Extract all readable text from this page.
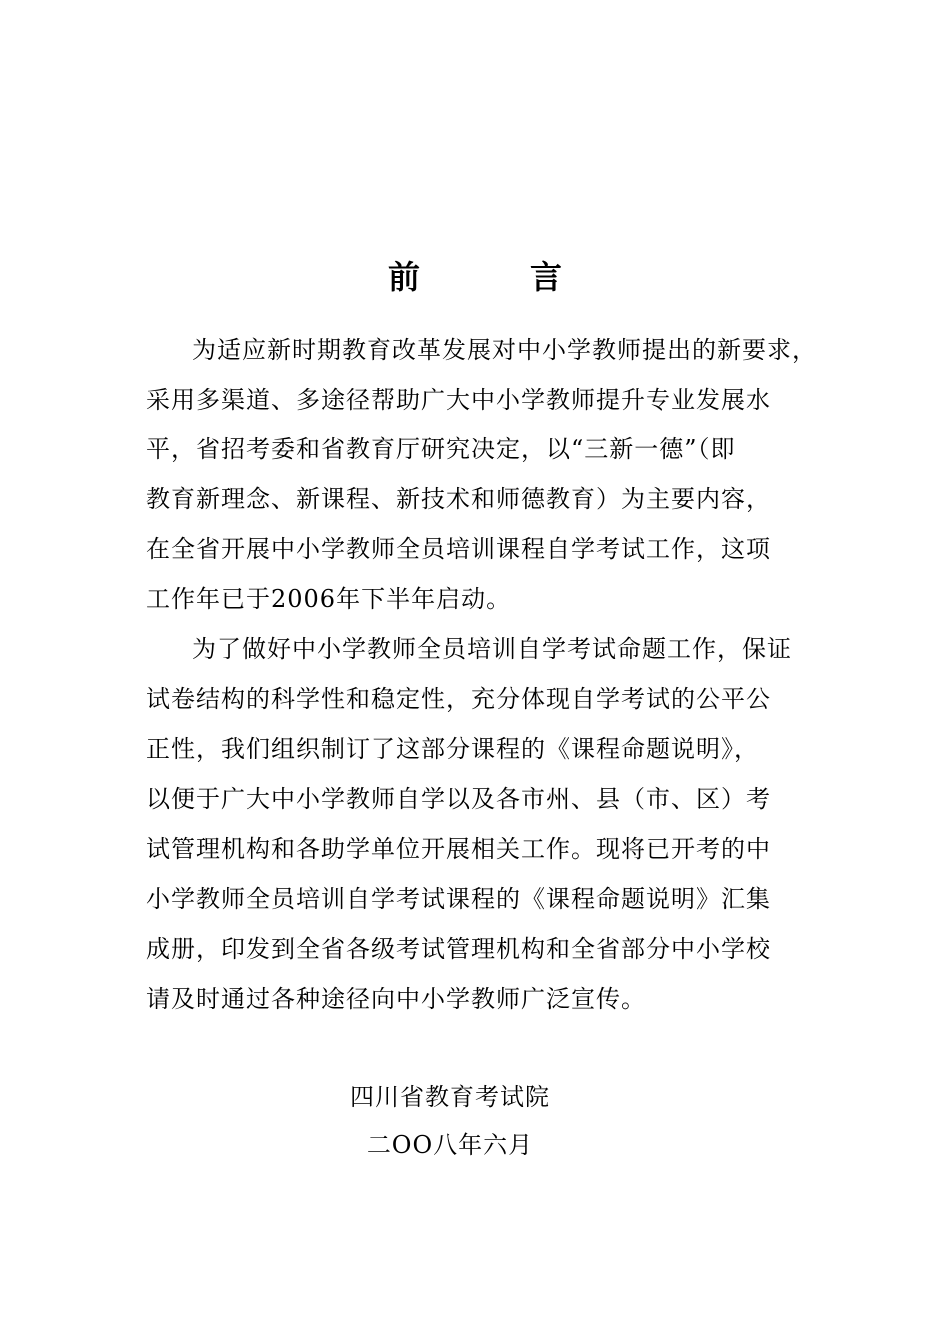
前	言
为适应新时期教育改革发展对中小学教师提出的新要求，
采用多渠道、多途径帮助广大中小学教师提升专业发展水
平，省招考委和省教育厅研究决定，以“三新一德”（即
教育新理念、新课程、新技术和师德教育）为主要内容，
在全省开展中小学教师全员培训课程自学考试工作，这项
工作年已于2006年下半年启动。
为了做好中小学教师全员培训自学考试命题工作，保证
试卷结构的科学性和稳定性，充分体现自学考试的公平公
正性，我们组织制订了这部分课程的《课程命题说明》，
以便于广大中小学教师自学以及各市州、县（市、区）考
试管理机构和各助学单位开展相关工作。现将已开考的中
小学教师全员培训自学考试课程的《课程命题说明》汇集
成册，印发到全省各级考试管理机构和全省部分中小学校
请及时通过各种途径向中小学教师广泛宣传。
四川省教育考试院
二OO八年六月
